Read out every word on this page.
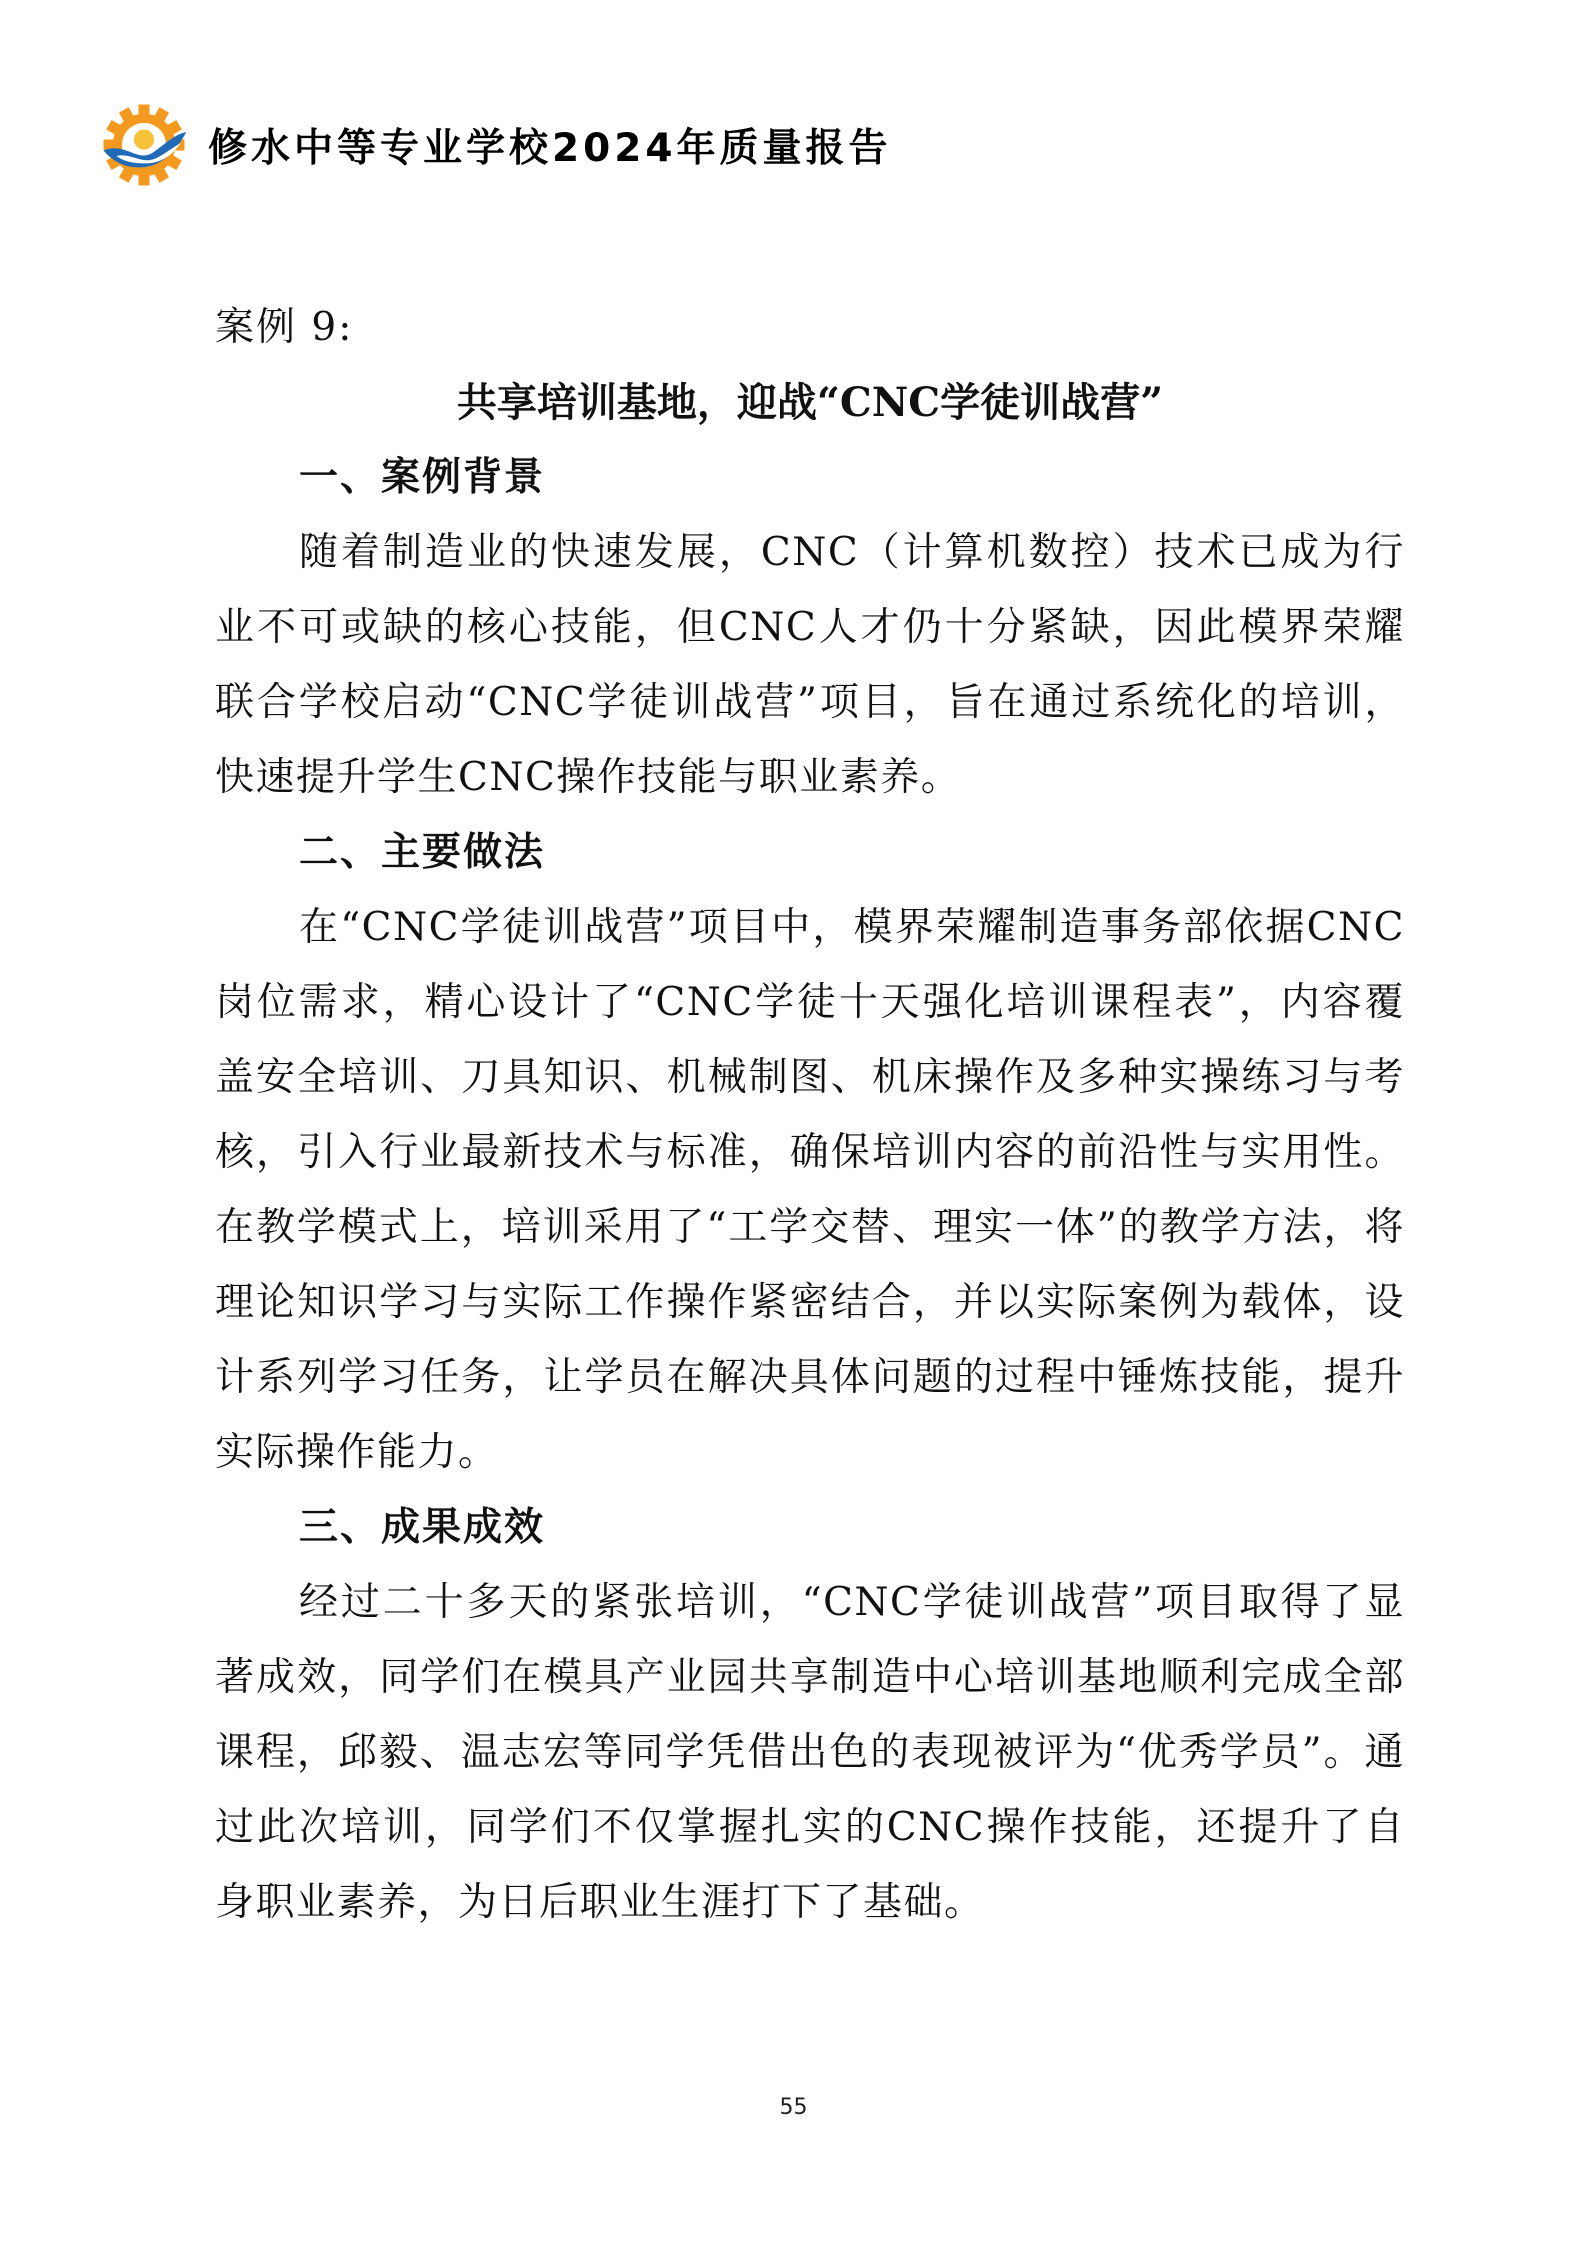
修水中等专业学校2024年质量报告
案例 9:
共享培训基地，迎战“CNC学徒训战营”
一、案例背景

随着制造业的快速发展，CNC（计算机数控）技术已成为行业不可或缺的核心技能，但CNC人才仍十分紧缺，因此模界荣耀联合学校启动“CNC学徒训战营”项目，旨在通过系统化的培训，快速提升学生CNC操作技能与职业素养。

二、主要做法

在“CNC学徒训战营”项目中，模界荣耀制造事务部依据CNC岗位需求，精心设计了“CNC学徒十天强化培训课程表”，内容覆盖安全培训、刀具知识、机械制图、机床操作及多种实操练习与考核，引入行业最新技术与标准，确保培训内容的前沿性与实用性。在教学模式上，培训采用了“工学交替、理实一体”的教学方法，将理论知识学习与实际工作操作紧密结合，并以实际案例为载体，设计系列学习任务，让学员在解决具体问题的过程中锤炼技能，提升实际操作能力。

三、成果成效

经过二十多天的紧张培训，“CNC学徒训战营”项目取得了显著成效，同学们在模具产业园共享制造中心培训基地顺利完成全部课程，邱毅、温志宏等同学凭借出色的表现被评为“优秀学员”。通过此次培训，同学们不仅掌握扎实的CNC操作技能，还提升了自身职业素养，为日后职业生涯打下了基础。

55
